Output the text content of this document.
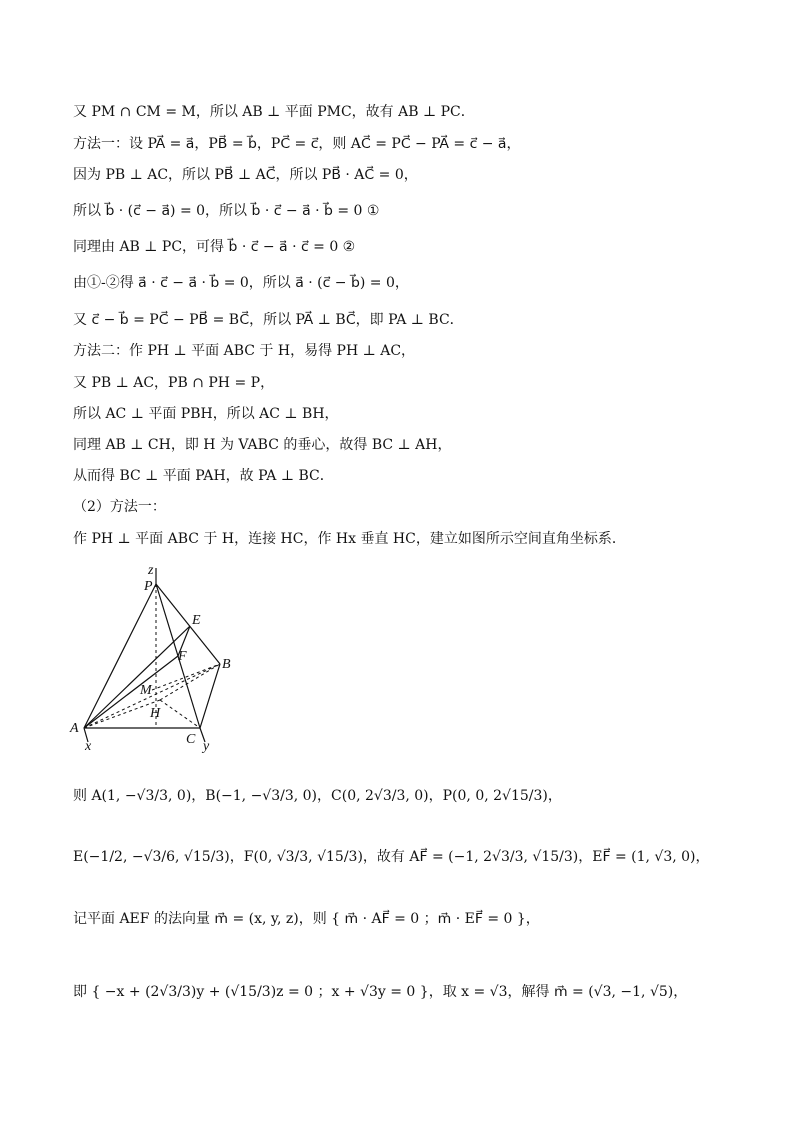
又 PM ∩ CM = M，所以 AB ⊥ 平面 PMC，故有 AB ⊥ PC．
方法一：设 PA⃗ = a⃗，PB⃗ = b⃗，PC⃗ = c⃗，则 AC⃗ = PC⃗ − PA⃗ = c⃗ − a⃗，
因为 PB ⊥ AC，所以 PB⃗ ⊥ AC⃗，所以 PB⃗ · AC⃗ = 0，
所以 b⃗ · (c⃗ − a⃗) = 0，所以 b⃗ · c⃗ − a⃗ · b⃗ = 0 ①
同理由 AB ⊥ PC，可得 b⃗ · c⃗ − a⃗ · c⃗ = 0 ②
由①-②得 a⃗ · c⃗ − a⃗ · b⃗ = 0，所以 a⃗ · (c⃗ − b⃗) = 0，
又 c⃗ − b⃗ = PC⃗ − PB⃗ = BC⃗，所以 PA⃗ ⊥ BC⃗，即 PA ⊥ BC．
方法二：作 PH ⊥ 平面 ABC 于 H，易得 PH ⊥ AC，
又 PB ⊥ AC，PB ∩ PH = P，
所以 AC ⊥ 平面 PBH，所以 AC ⊥ BH，
同理 AB ⊥ CH，即 H 为 VABC 的垂心，故得 BC ⊥ AH，
从而得 BC ⊥ 平面 PAH，故 PA ⊥ BC．
（2）方法一：
作 PH ⊥ 平面 ABC 于 H，连接 HC，作 Hx 垂直 HC，建立如图所示空间直角坐标系．
z
P
E
F
B
M
H
A
x	C y
则 A(1, −√3/3, 0)，B(−1, −√3/3, 0)，C(0, 2√3/3, 0)，P(0, 0, 2√15/3)，
E(−1/2, −√3/6, √15/3)，F(0, √3/3, √15/3)，故有 AF⃗ = (−1, 2√3/3, √15/3)，EF⃗ = (1, √3, 0)，
记平面 AEF 的法向量 m⃗ = (x, y, z)，则 { m⃗ · AF⃗ = 0 ；m⃗ · EF⃗ = 0 }，
即 { −x + (2√3/3)y + (√15/3)z = 0 ；x + √3y = 0 }，取 x = √3，解得 m⃗ = (√3, −1, √5)，
